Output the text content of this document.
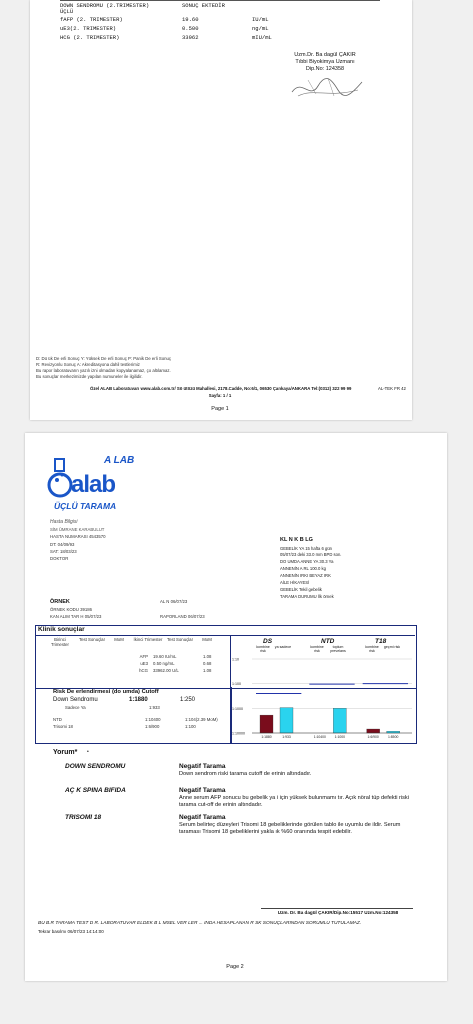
DOWN SENDROMU (2.TRIMESTER)
ÜÇLÜ
SONUÇ EKTEDİR
fAFP (2. TRIMESTER)	19.60	IU/mL
uE3(2. TRIMESTER)	0.500	ng/mL
HCG (2. TRIMESTER)	33962	mIU/mL
Uzm.Dr. Ba dagül ÇAKIR
Tıbbi Biyokimya Uzmanı
Dip.No: 124358
D: Dü ük De erli Sonuç Y: Yüksek De erli Sonuç P: Panik De erli Sonuç
R: Revizyonlu Sonuç A: Akreditasyona dahil testlerimiz
Bu rapor laboratuvarın yazılı izni olmadan kopyalanamaz, ço altılamaz.
Bu sonuçlar merkezimizde yapılan numuneler ile ilgilidir.
Özel ALAB Laboratuvarı www.alab.com.tr/ Sö ütözü Mahallesi, 2178.Cadde, No:6/1, 06530 Çankaya/ANKARA Tel:(0312) 322 99 99	AL-TEK FR 42
Sayfa: 1 / 1
Page 1
A LAB
alab
ÜÇLÜ TARAMA
Hasta Bilgisi
SİM ÜMRANE KARABULUT
HASTA NUMARASI 4543570
DT: 04/09/93
SAT: 18/03/23
DOKTOR
KL N K B LG
GEBELİK YA 15 hafta 6 gün
05/07/23 deki 33.0 mm BPD son.
DO UMDA ANNE YA 30.3 Ya
ANNENİN A RL 100.0 kg
ANNENİN IRKI BEYAZ IRK
AİLE HİKAYESİ
GEBELİK Tekil gebelik
TARAMA DURUMU İlk örnek
ÖRNEK
ÖRNEK KODU 39186
KAN ALIM TAR H 05/07/23
AL N 06/07/23
RAPORLAND 06/07/23
Klinik sonuçlar
Birinci Trimester
Test Sonuçlar	MoM	İkinci Trimester	Test Sonuçlar	MoM
AFP 19.60 IU/mL	1.08
uE3 0.50 ng/mL	0.68
hCG 33962.00 U/L	1.08
Risk De erlendirmesi (do umda) Cutoff
Down Sendromu	1:1880	1:250
Sadece Ya	1:933
NTD	1:10400	1:104(2.39 MoM)
Trisomi 18	1:6/900	1:100
DS	NTD	T18
kombine risk
ya sadece	kombine risk
toplum prevelans
kombine risk
geçmi risk
1:10
1:100
1:1000
1:10000
1:1880	1:933	1:10400	1:1000	1:6/900	1:8500
Yorum* •
DOWN SENDROMU	Negatif Tarama
Down sendrom riski tarama cutoff de erinin altındadır.
AÇ K SPINA BIFIDA	Negatif Tarama
Anne serum AFP sonucu bu gebelik ya i için yüksek bulunmamı tır. Açık nöral tüp defekti riski tarama cut-off de erinin altındadır.
TRISOMI 18	Negatif Tarama
Serum belirteç düzeyleri Trisomi 18 gebeliklerinde görülen tablo ile uyumlu de ildir. Serum taraması Trisomi 18 gebeliklerini yakla ık %60 oranında tespit edebilir.
Uzm. Dr. Ba dagül ÇAKIR/Dip.No:15517 Uzm.No:124358
BU B.R TARAMA TEST D R. LABORATUVAR ELDEK B L MSEL VER LER ... INDA HESAPLANAN R SK SONUÇLARINDAN SORUMLU TUTULAMAZ.
Tekrar basılmı 06/07/23 14:14:00
Page 2
